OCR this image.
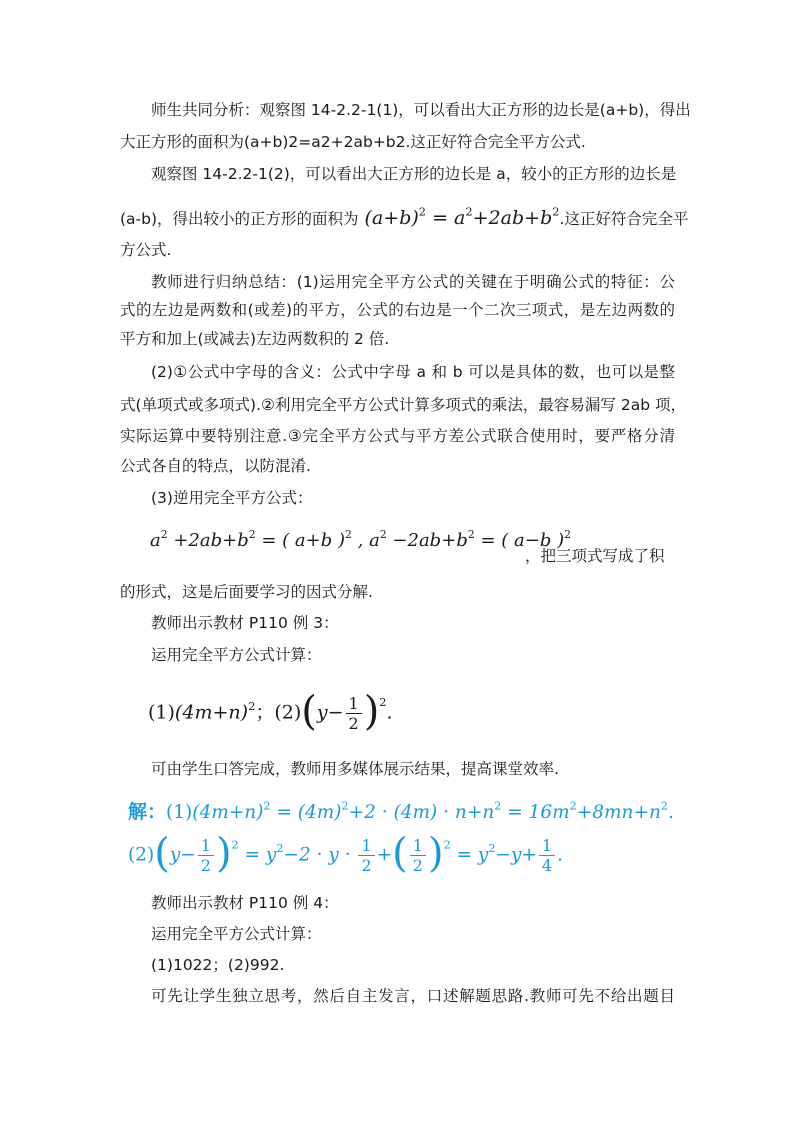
师生共同分析：观察图 14-2.2-1(1)，可以看出大正方形的边长是(a+b)，得出
大正方形的面积为(a+b)2=a2+2ab+b2.这正好符合完全平方公式.
观察图 14-2.2-1(2)，可以看出大正方形的边长是 a，较小的正方形的边长是
(a-b)，得出较小的正方形的面积为 $(a+b)^2 = a^2+2ab+b^2$.这正好符合完全平
方公式.
教师进行归纳总结：(1)运用完全平方公式的关键在于明确公式的特征：公
式的左边是两数和(或差)的平方，公式的右边是一个二次三项式，是左边两数的
平方和加上(或减去)左边两数积的 2 倍.
(2)①公式中字母的含义：公式中字母 a 和 b 可以是具体的数，也可以是整
式(单项式或多项式).②利用完全平方公式计算多项式的乘法，最容易漏写 2ab 项，
实际运算中要特别注意.③完全平方公式与平方差公式联合使用时，要严格分清
公式各自的特点，以防混淆.
(3)逆用完全平方公式：
$a^2 +2ab+b^2$ = ( a+b )$^2$ , $a^2 -2ab+b^2$ = ( a−b )$^2$
，把三项式写成了积
的形式，这是后面要学习的因式分解.
教师出示教材 P110 例 3：
运用完全平方公式计算：
$(1)(4m+n)^2$；$(2)(y- \frac{1}{2} )^2$.
可由学生口答完成，教师用多媒体展示结果，提高课堂效率.
解：$(1)(4m+n)^2 = (4m)^2+2 \cdot (4m) \cdot n+n^2 = 16m^2+8mn+n^2$.
$(2)(y- \frac{1}{2} )^2 = y^2-2 \cdot y \cdot \frac{1}{2}$ +( $\frac{1}{2} )^2 = y^2-y+ \frac{1}{4}$ .
教师出示教材 P110 例 4：
运用完全平方公式计算：
(1)1022；(2)992.
可先让学生独立思考，然后自主发言，口述解题思路.教师可先不给出题目
